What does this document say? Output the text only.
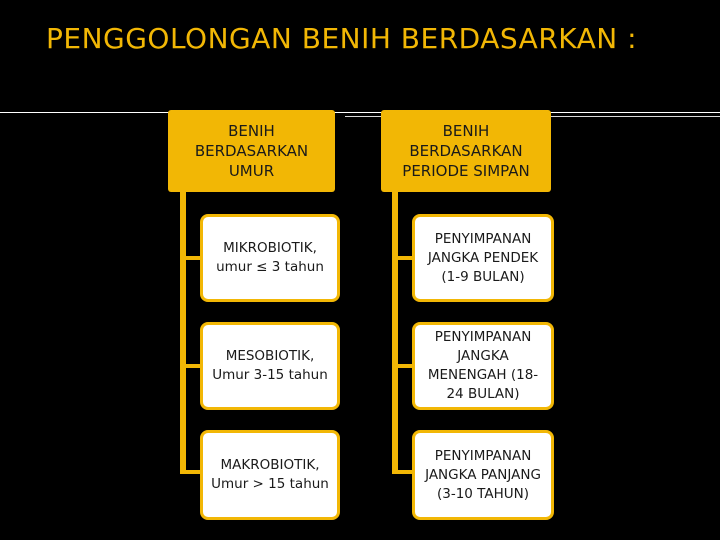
PENGGOLONGAN BENIH BERDASARKAN :
BENIH BERDASARKAN UMUR
MIKROBIOTIK, umur ≤ 3 tahun
MESOBIOTIK, Umur 3-15 tahun
MAKROBIOTIK, Umur > 15 tahun
BENIH BERDASARKAN PERIODE SIMPAN
PENYIMPANAN JANGKA PENDEK (1-9 BULAN)
PENYIMPANAN JANGKA MENENGAH (18-24 BULAN)
PENYIMPANAN JANGKA PANJANG (3-10 TAHUN)
